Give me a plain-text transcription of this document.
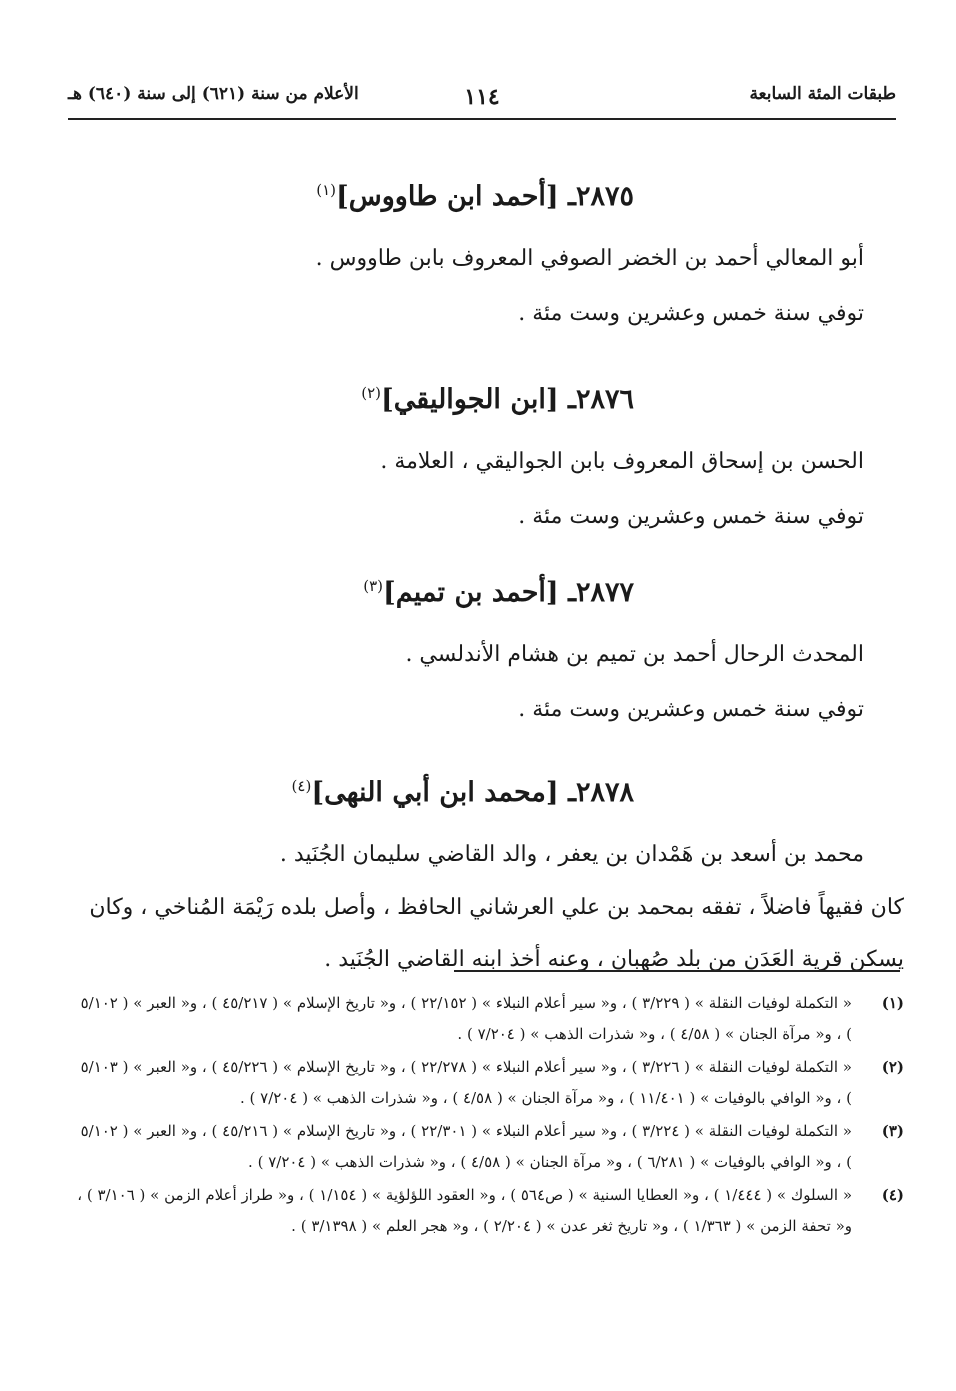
طبقات المئة السابعة
١١٤
الأعلام من سنة (٦٢١) إلى سنة (٦٤٠) هـ
٢٨٧٥ـ [أحمد ابن طاووس]$^{(١)}$

أبو المعالي أحمد بن الخضر الصوفي المعروف بابن طاووس .

توفي سنة خمس وعشرين وست مئة .

٢٨٧٦ـ [ابن الجواليقي]$^{(٢)}$

الحسن بن إسحاق المعروف بابن الجواليقي ، العلامة .

توفي سنة خمس وعشرين وست مئة .

٢٨٧٧ـ [أحمد بن تميم]$^{(٣)}$

المحدث الرحال أحمد بن تميم بن هشام الأندلسي .

توفي سنة خمس وعشرين وست مئة .

٢٨٧٨ـ [محمد ابن أبي النهى]$^{(٤)}$

محمد بن أسعد بن هَمْدان بن يعفر ، والد القاضي سليمان الجُنَيد .

كان فقيهاً فاضلاً ، تفقه بمحمد بن علي العرشاني الحافظ ، وأصل بلده رَيْمَة المُناخي ، وكان يسكن قرية العَدَن من بلد صُهبان ، وعنه أخذ ابنه القاضي الجُنَيد .

(١)
« التكملة لوفيات النقلة » ( ٣/٢٢٩ ) ، و« سير أعلام النبلاء » ( ٢٢/١٥٢ ) ، و« تاريخ الإسلام » ( ٤٥/٢١٧ ) ، و« العبر » ( ٥/١٠٢ ) ، و« مرآة الجنان » ( ٤/٥٨ ) ، و« شذرات الذهب » ( ٧/٢٠٤ ) .
(٢)
« التكملة لوفيات النقلة » ( ٣/٢٢٦ ) ، و« سير أعلام النبلاء » ( ٢٢/٢٧٨ ) ، و« تاريخ الإسلام » ( ٤٥/٢٢٦ ) ، و« العبر » ( ٥/١٠٣ ) ، و« الوافي بالوفيات » ( ١١/٤٠١ ) ، و« مرآة الجنان » ( ٤/٥٨ ) ، و« شذرات الذهب » ( ٧/٢٠٤ ) .
(٣)
« التكملة لوفيات النقلة » ( ٣/٢٢٤ ) ، و« سير أعلام النبلاء » ( ٢٢/٣٠١ ) ، و« تاريخ الإسلام » ( ٤٥/٢١٦ ) ، و« العبر » ( ٥/١٠٢ ) ، و« الوافي بالوفيات » ( ٦/٢٨١ ) ، و« مرآة الجنان » ( ٤/٥٨ ) ، و« شذرات الذهب » ( ٧/٢٠٤ ) .
(٤)
« السلوك » ( ١/٤٤٤ ) ، و« العطايا السنية » ( ص٥٦٤ ) ، و« العقود اللؤلؤية » ( ١/١٥٤ ) ، و« طراز أعلام الزمن » ( ٣/١٠٦ ) ، و« تحفة الزمن » ( ١/٣٦٣ ) ، و« تاريخ ثغر عدن » ( ٢/٢٠٤ ) ، و« هجر العلم » ( ٣/١٣٩٨ ) .
